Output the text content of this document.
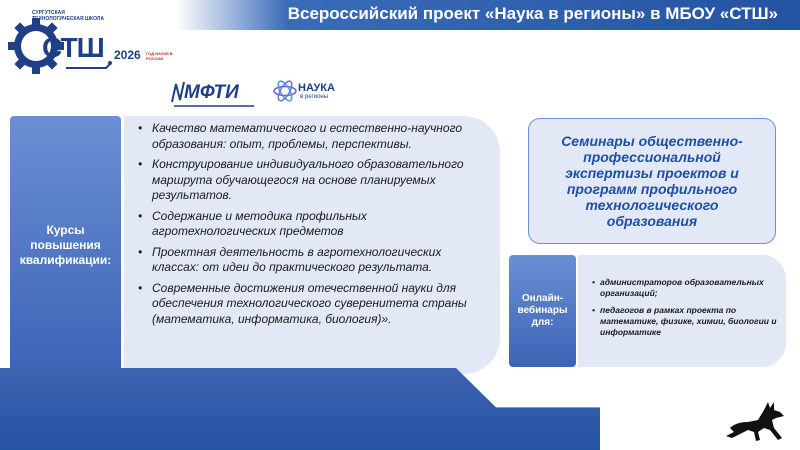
Всероссийский проект «Наука в регионы» в МБОУ «СТШ»
СУРГУТСКАЯ ТЕХНОЛОГИЧЕСКАЯ ШКОЛА
СТШ 2026 ГОД НАУКИ В РОССИИ
МФТИ	НАУКА
в регионы
Курсы повышения квалификации:
• Качество математического и естественно-научного образования: опыт, проблемы, перспективы.
• Конструирование индивидуального образовательного маршрута обучающегося на основе планируемых результатов.
• Содержание и методика профильных агротехнологических предметов
• Проектная деятельность в агротехнологических классах: от идеи до практического результата.
• Современные достижения отечественной науки для обеспечения технологического суверенитета страны (математика, информатика, биология)».
Семинары общественно-профессиональной экспертизы проектов и программ профильного технологического образования
Онлайн-вебинары для:
• администраторов образовательных организаций;
• педагогов в рамках проекта по математике, физике, химии, биологии и информатике
